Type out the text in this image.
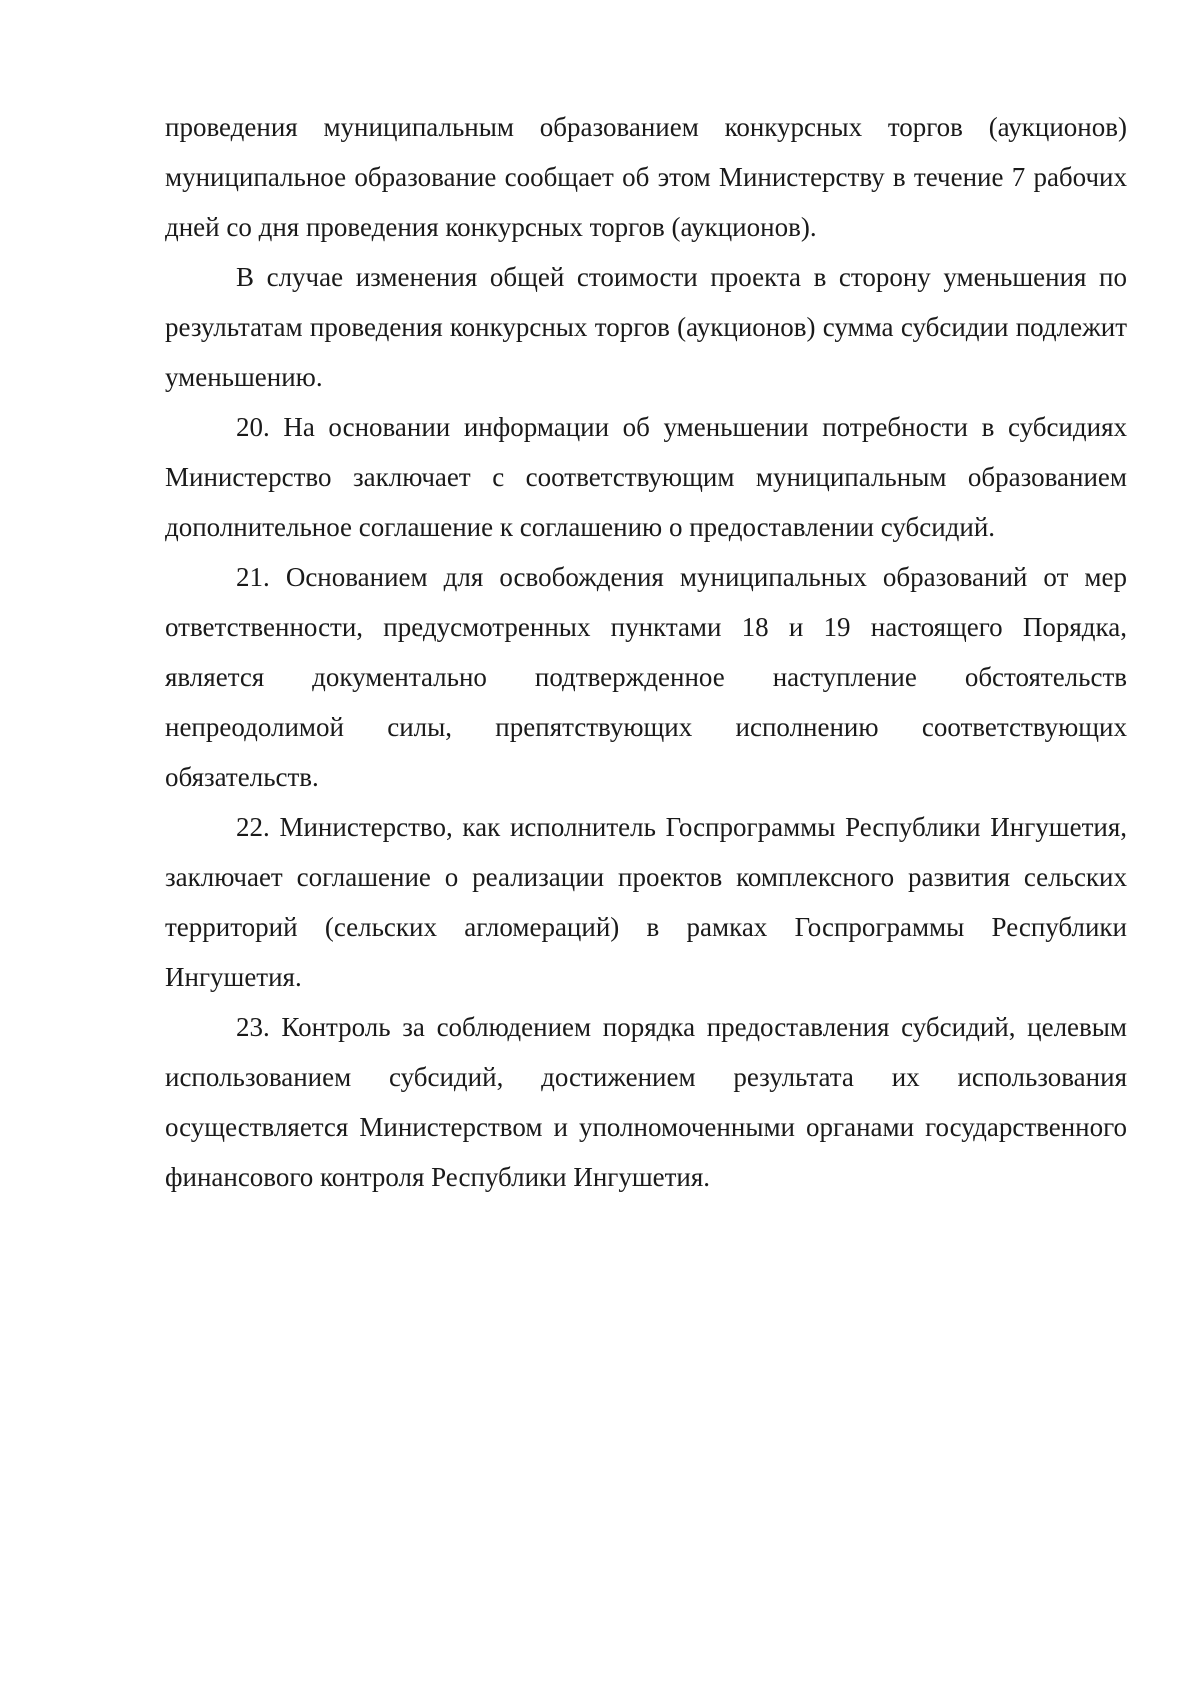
проведения муниципальным образованием конкурсных торгов (аукционов) муниципальное образование сообщает об этом Министерству в течение 7 рабочих дней со дня проведения конкурсных торгов (аукционов).

В случае изменения общей стоимости проекта в сторону уменьшения по результатам проведения конкурсных торгов (аукционов) сумма субсидии подлежит уменьшению.

20. На основании информации об уменьшении потребности в субсидиях Министерство заключает с соответствующим муниципальным образованием дополнительное соглашение к соглашению о предоставлении субсидий.

21. Основанием для освобождения муниципальных образований от мер ответственности, предусмотренных пунктами 18 и 19 настоящего Порядка, является документально подтвержденное наступление обстоятельств непреодолимой силы, препятствующих исполнению соответствующих обязательств.

22. Министерство, как исполнитель Госпрограммы Республики Ингушетия, заключает соглашение о реализации проектов комплексного развития сельских территорий (сельских агломераций) в рамках Госпрограммы Республики Ингушетия.

23. Контроль за соблюдением порядка предоставления субсидий, целевым использованием субсидий, достижением результата их использования осуществляется Министерством и уполномоченными органами государственного финансового контроля Республики Ингушетия.
